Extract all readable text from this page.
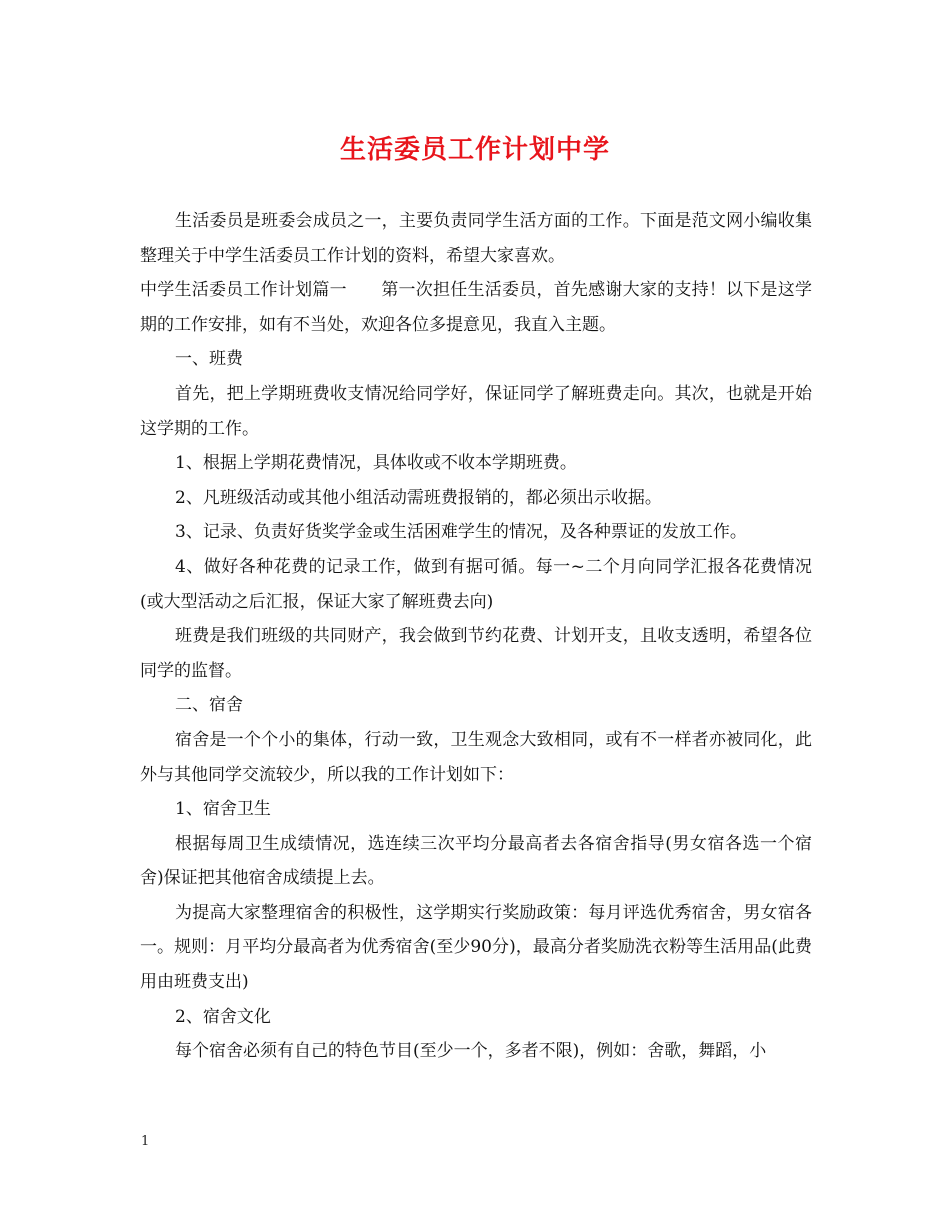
生活委员工作计划中学

生活委员是班委会成员之一，主要负责同学生活方面的工作。下面是范文网小编收集整理关于中学生活委员工作计划的资料，希望大家喜欢。

中学生活委员工作计划篇一　　第一次担任生活委员，首先感谢大家的支持！以下是这学期的工作安排，如有不当处，欢迎各位多提意见，我直入主题。

一、班费

首先，把上学期班费收支情况给同学好，保证同学了解班费走向。其次，也就是开始这学期的工作。

1、根据上学期花费情况，具体收或不收本学期班费。

2、凡班级活动或其他小组活动需班费报销的，都必须出示收据。

3、记录、负责好货奖学金或生活困难学生的情况，及各种票证的发放工作。

4、做好各种花费的记录工作，做到有据可循。每一~二个月向同学汇报各花费情况(或大型活动之后汇报，保证大家了解班费去向)

班费是我们班级的共同财产，我会做到节约花费、计划开支，且收支透明，希望各位同学的监督。

二、宿舍

宿舍是一个个小的集体，行动一致，卫生观念大致相同，或有不一样者亦被同化，此外与其他同学交流较少，所以我的工作计划如下：

1、宿舍卫生

根据每周卫生成绩情况，选连续三次平均分最高者去各宿舍指导(男女宿各选一个宿舍)保证把其他宿舍成绩提上去。

为提高大家整理宿舍的积极性，这学期实行奖励政策：每月评选优秀宿舍，男女宿各一。规则：月平均分最高者为优秀宿舍(至少90分)，最高分者奖励洗衣粉等生活用品(此费用由班费支出)

2、宿舍文化

每个宿舍必须有自己的特色节目(至少一个，多者不限)，例如：舍歌，舞蹈，小

1
